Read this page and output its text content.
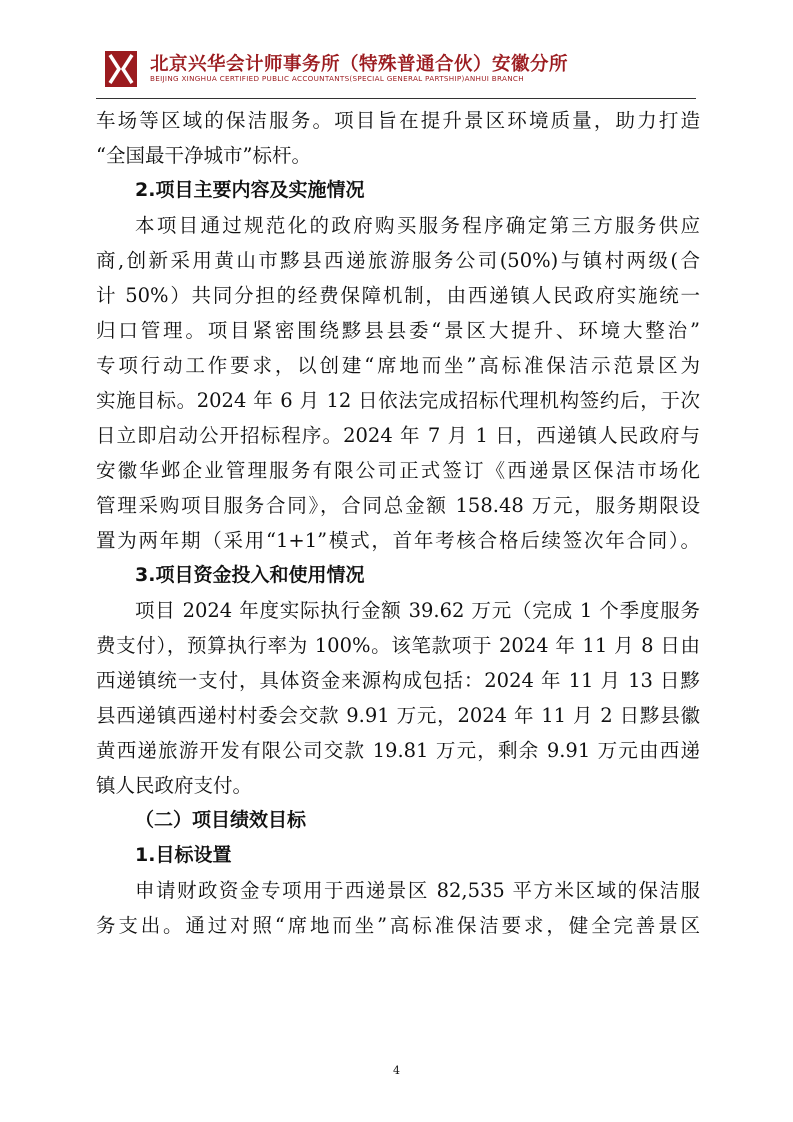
北京兴华会计师事务所（特殊普通合伙）安徽分所
BEIJING XINGHUA CERTIFIED PUBLIC ACCOUNTANTS(SPECIAL GENERAL PARTSHIP)ANHUI BRANCH
车场等区域的保洁服务。项目旨在提升景区环境质量，助力打造
“全国最干净城市”标杆。
2.项目主要内容及实施情况
本项目通过规范化的政府购买服务程序确定第三方服务供应
商,创新采用黄山市黟县西递旅游服务公司(50%)与镇村两级(合
计 50%）共同分担的经费保障机制，由西递镇人民政府实施统一
归口管理。项目紧密围绕黟县县委“景区大提升、环境大整治”
专项行动工作要求，以创建“席地而坐”高标准保洁示范景区为
实施目标。2024 年 6 月 12 日依法完成招标代理机构签约后，于次
日立即启动公开招标程序。2024 年 7 月 1 日，西递镇人民政府与
安徽华邺企业管理服务有限公司正式签订《西递景区保洁市场化
管理采购项目服务合同》，合同总金额 158.48 万元，服务期限设
置为两年期（采用“1+1”模式，首年考核合格后续签次年合同）。
3.项目资金投入和使用情况
项目 2024 年度实际执行金额 39.62 万元（完成 1 个季度服务
费支付），预算执行率为 100%。该笔款项于 2024 年 11 月 8 日由
西递镇统一支付，具体资金来源构成包括：2024 年 11 月 13 日黟
县西递镇西递村村委会交款 9.91 万元，2024 年 11 月 2 日黟县徽
黄西递旅游开发有限公司交款 19.81 万元，剩余 9.91 万元由西递
镇人民政府支付。
（二）项目绩效目标
1.目标设置
申请财政资金专项用于西递景区 82,535 平方米区域的保洁服
务支出。通过对照“席地而坐”高标准保洁要求，健全完善景区
4
